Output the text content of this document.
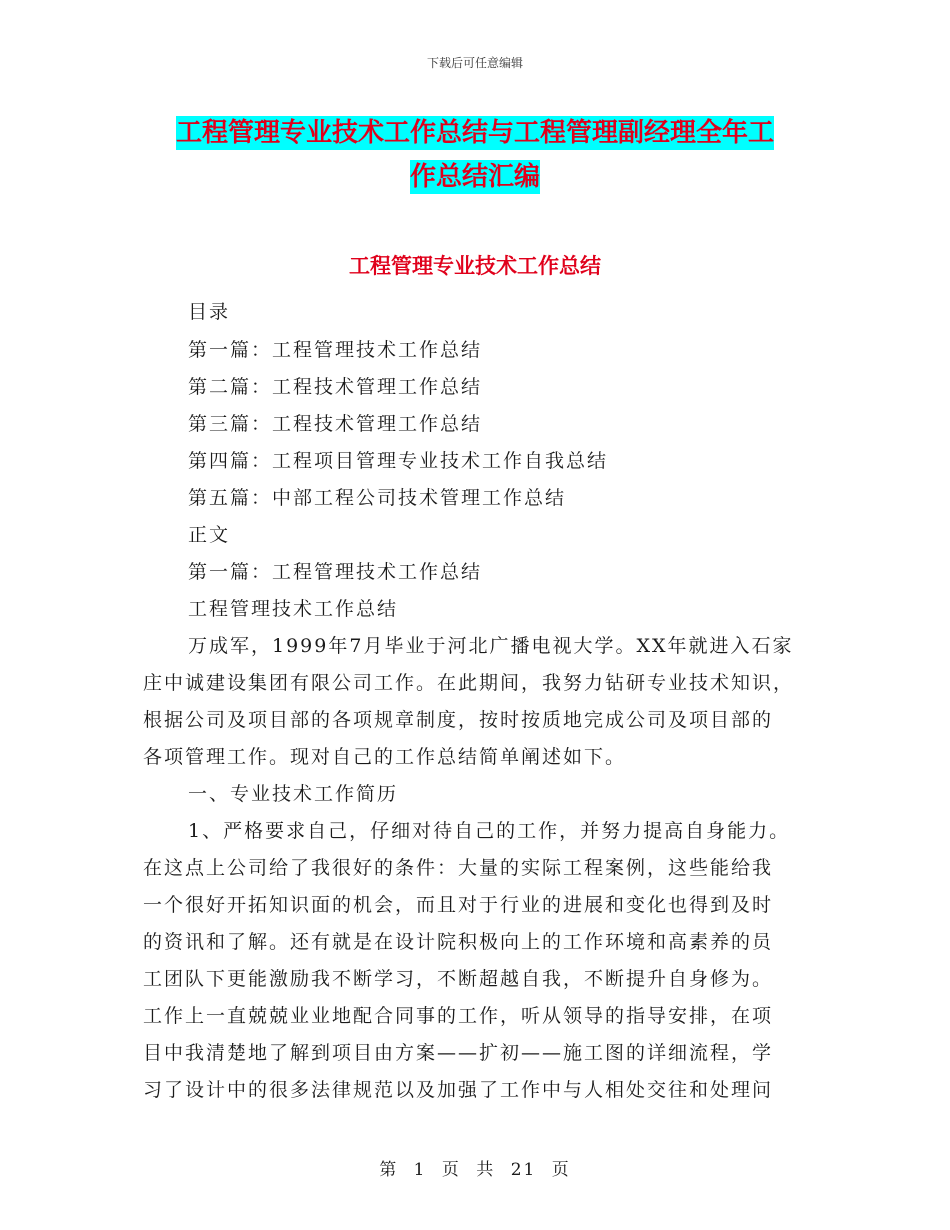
下载后可任意编辑
工程管理专业技术工作总结与工程管理副经理全年工
作总结汇编
工程管理专业技术工作总结
目录
第一篇：工程管理技术工作总结
第二篇：工程技术管理工作总结
第三篇：工程技术管理工作总结
第四篇：工程项目管理专业技术工作自我总结
第五篇：中部工程公司技术管理工作总结
正文
第一篇：工程管理技术工作总结
工程管理技术工作总结
万成军，1999年7月毕业于河北广播电视大学。XX年就进入石家
庄中诚建设集团有限公司工作。在此期间，我努力钻研专业技术知识，
根据公司及项目部的各项规章制度，按时按质地完成公司及项目部的
各项管理工作。现对自己的工作总结简单阐述如下。
一、专业技术工作简历
1、严格要求自己，仔细对待自己的工作，并努力提高自身能力。
在这点上公司给了我很好的条件：大量的实际工程案例，这些能给我
一个很好开拓知识面的机会，而且对于行业的进展和变化也得到及时
的资讯和了解。还有就是在设计院积极向上的工作环境和高素养的员
工团队下更能激励我不断学习，不断超越自我，不断提升自身修为。
工作上一直兢兢业业地配合同事的工作，听从领导的指导安排，在项
目中我清楚地了解到项目由方案——扩初——施工图的详细流程，学
习了设计中的很多法律规范以及加强了工作中与人相处交往和处理问
第 1 页 共 21 页
